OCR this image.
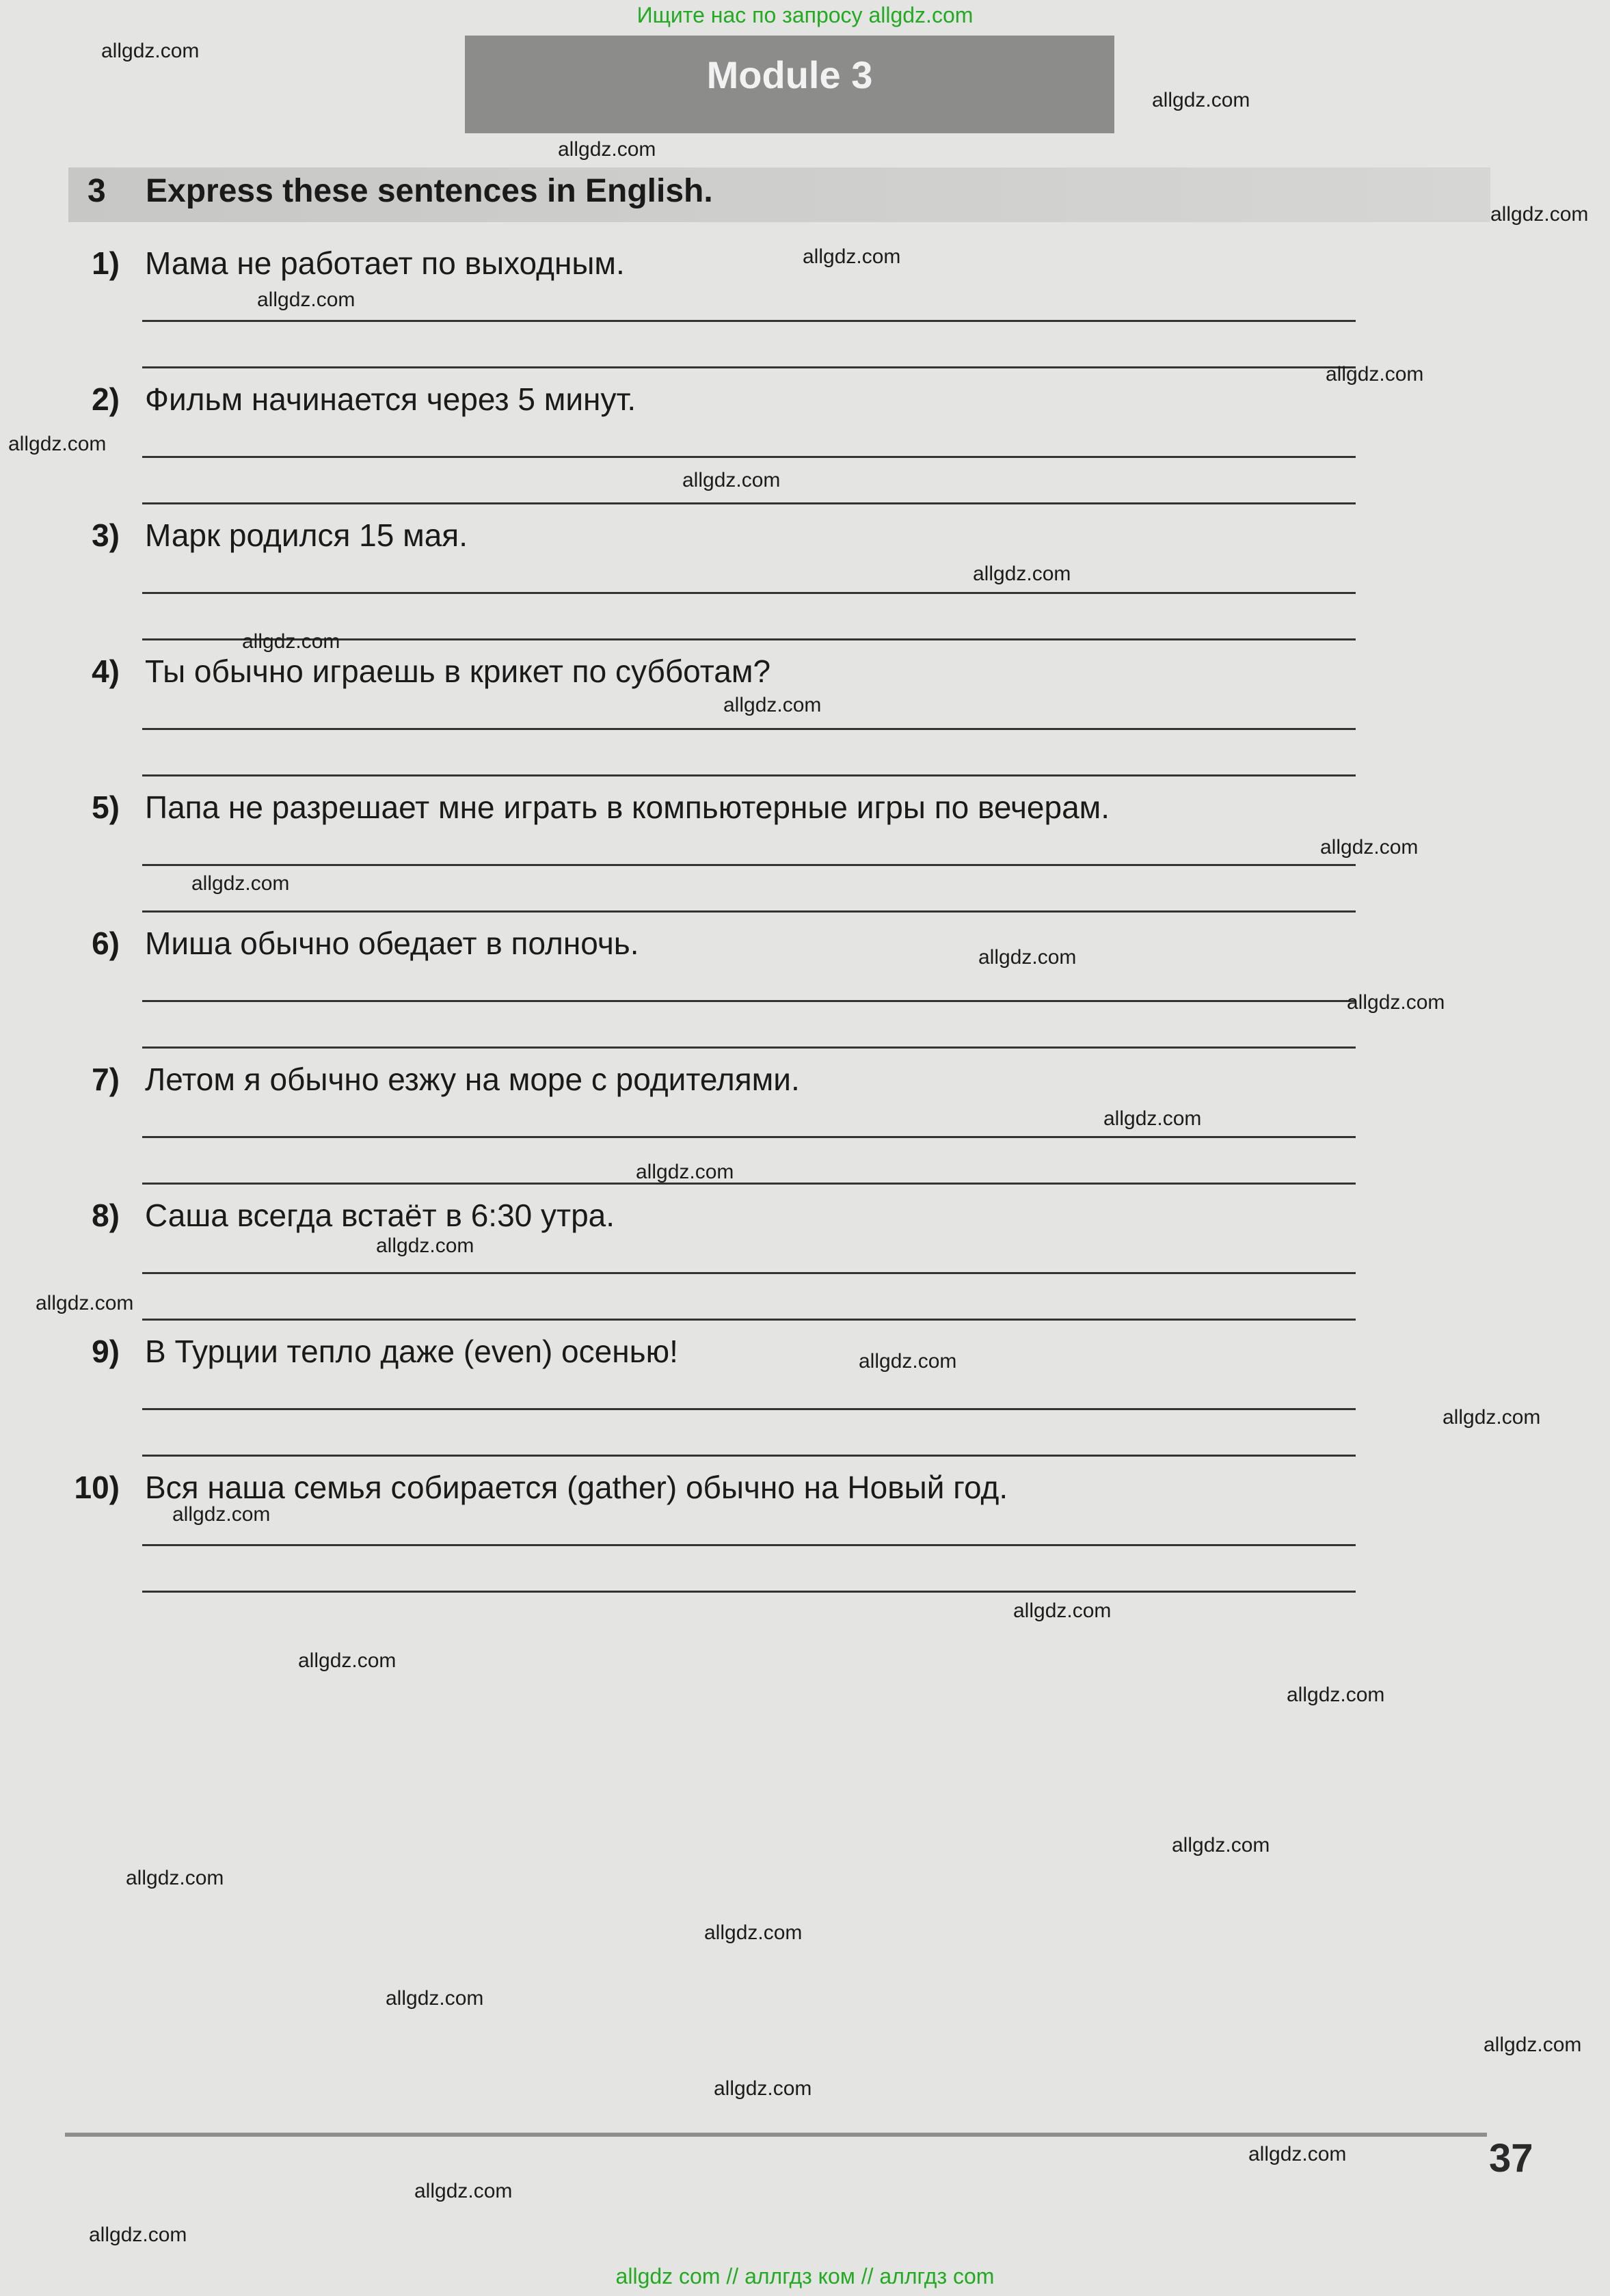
Ищите нас по запросу allgdz.com
Module 3
3 Express these sentences in English.
1) Мама не работает по выходным.
2) Фильм начинается через 5 минут.
3) Марк родился 15 мая.
4) Ты обычно играешь в крикет по субботам?
5) Папа не разрешает мне играть в компьютерные игры по вечерам.
6) Миша обычно обедает в полночь.
7) Летом я обычно езжу на море с родителями.
8) Саша всегда встаёт в 6:30 утра.
9) В Турции тепло даже (even) осенью!
10) Вся наша семья собирается (gather) обычно на Новый год.
37
allgdz.com
allgdz.com
allgdz.com
allgdz.com
allgdz.com
allgdz.com
allgdz.com
allgdz.com
allgdz.com
allgdz.com
allgdz.com
allgdz.com
allgdz.com
allgdz.com
allgdz.com
allgdz.com
allgdz.com
allgdz.com
allgdz.com
allgdz.com
allgdz.com
allgdz.com
allgdz.com
allgdz.com
allgdz.com
allgdz.com
allgdz.com
allgdz.com
allgdz.com
allgdz.com
allgdz.com
allgdz.com
allgdz.com
allgdz.com
allgdz.com
allgdz com // аллгдз ком // аллгдз com
